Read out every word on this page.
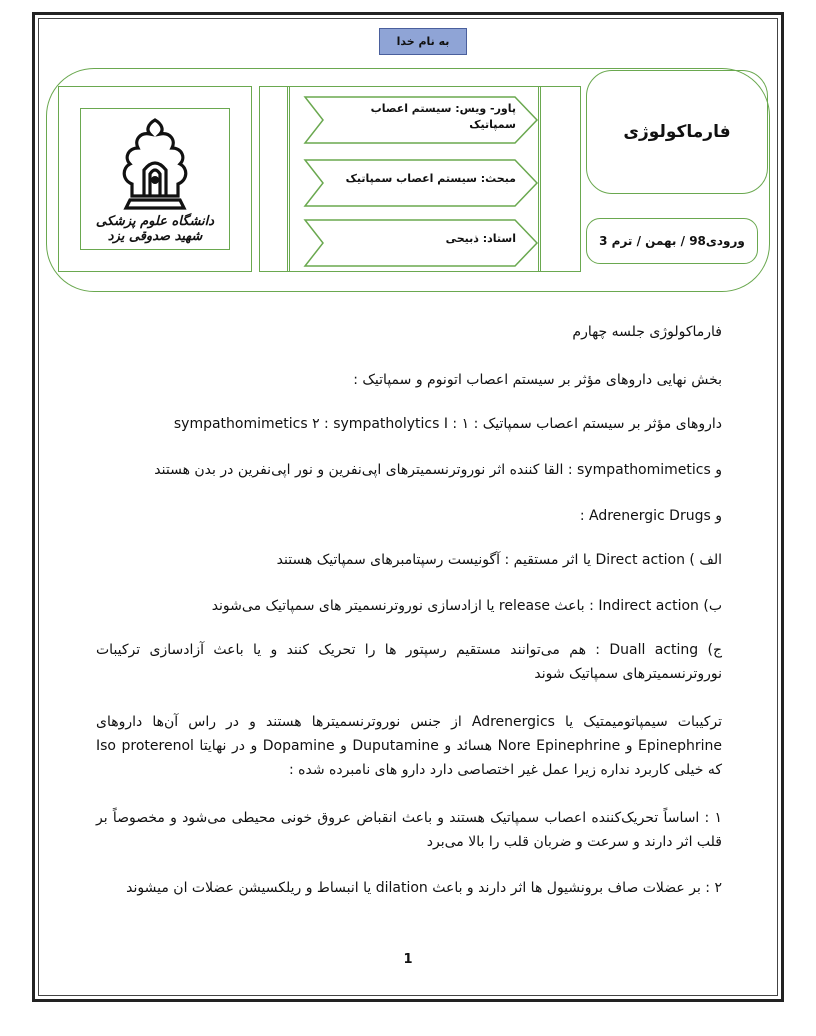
به نام خدا
دانشگاه علوم پزشکی شهید صدوقی یزد
پاور- ویس: سیستم اعصاب سمپاتیک
مبحث: سیستم اعصاب سمپاتیک
استاد: ذبیحی
فارماکولوژی
ورودی98 / بهمن / ترم 3

فارماکولوژی جلسه چهارم

بخش نهایی داروهای مؤثر بر سیستم اعصاب اتونوم و سمپاتیک :

داروهای مؤثر بر سیستم اعصاب سمپاتیک : ۱ : sympathomimetics ۲ : sympatholytics I

و sympathomimetics : القا کننده اثر نوروترنسمیترهای اپی‌نفرین و نور اپی‌نفرین در بدن هستند

و Adrenergic Drugs :

الف ) Direct action یا اثر مستقیم : آگونیست رسپتامبرهای سمپاتیک هستند

ب) Indirect action : باعث release یا ازادسازی نوروترنسمیتر های سمپاتیک می‌شوند

ج) Duall acting : هم می‌توانند مستقیم رسپتور ها را تحریک کنند و یا باعث آزادسازی ترکیبات نوروترنسمیترهای سمپاتیک شوند

ترکیبات سیمپاتومیمتیک یا Adrenergics از جنس نوروترنسمیترها هستند و در راس آن‌ها داروهای Epinephrine و Nore Epinephrine هسائد و Duputamine و Dopamine و در نهایتا Iso proterenol که خیلی کاربرد نداره زیرا عمل غیر اختصاصی دارد دارو های نامبرده شده :

۱ : اساساً تحریک‌کننده اعصاب سمپاتیک هستند و باعث انقباض عروق خونی محیطی می‌شود و مخصوصاً بر قلب اثر دارند و سرعت و ضربان قلب را بالا می‌برد

۲ : بر عضلات صاف برونشیول ها اثر دارند و باعث dilation یا انبساط و ریلکسیشن عضلات ان میشوند

1
